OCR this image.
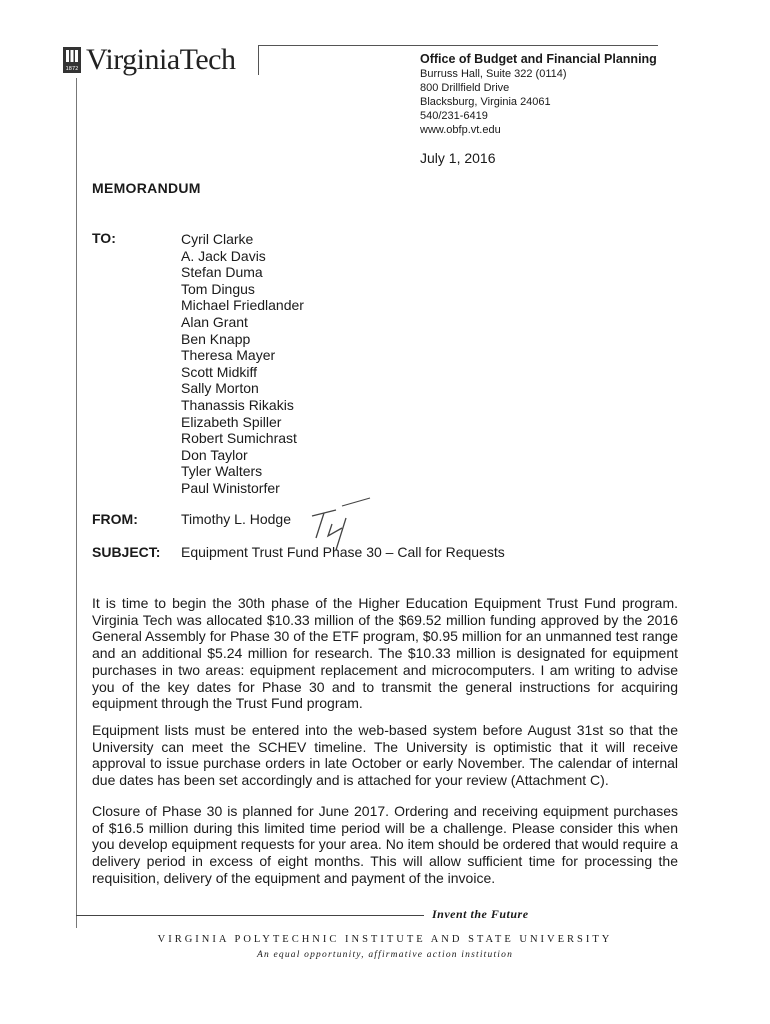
1872 VirginiaTech	Office of Budget and Financial Planning
Burruss Hall, Suite 322 (0114)
800 Drillfield Drive
Blacksburg, Virginia 24061
540/231-6419
www.obfp.vt.edu
July 1, 2016
MEMORANDUM
TO:	Cyril Clarke
A. Jack Davis
Stefan Duma
Tom Dingus
Michael Friedlander
Alan Grant
Ben Knapp
Theresa Mayer
Scott Midkiff
Sally Morton
Thanassis Rikakis
Elizabeth Spiller
Robert Sumichrast
Don Taylor
Tyler Walters
Paul Winistorfer
FROM:	Timothy L. Hodge
SUBJECT: Equipment Trust Fund Phase 30 – Call for Requests

It is time to begin the 30th phase of the Higher Education Equipment Trust Fund program. Virginia Tech was allocated $10.33 million of the $69.52 million funding approved by the 2016 General Assembly for Phase 30 of the ETF program, $0.95 million for an unmanned test range and an additional $5.24 million for research. The $10.33 million is designated for equipment purchases in two areas: equipment replacement and microcomputers. I am writing to advise you of the key dates for Phase 30 and to transmit the general instructions for acquiring equipment through the Trust Fund program.

Equipment lists must be entered into the web-based system before August 31st so that the University can meet the SCHEV timeline. The University is optimistic that it will receive approval to issue purchase orders in late October or early November. The calendar of internal due dates has been set accordingly and is attached for your review (Attachment C).

Closure of Phase 30 is planned for June 2017. Ordering and receiving equipment purchases of $16.5 million during this limited time period will be a challenge. Please consider this when you develop equipment requests for your area. No item should be ordered that would require a delivery period in excess of eight months. This will allow sufficient time for processing the requisition, delivery of the equipment and payment of the invoice.

Invent the Future
VIRGINIA POLYTECHNIC INSTITUTE AND STATE UNIVERSITY
An equal opportunity, affirmative action institution
